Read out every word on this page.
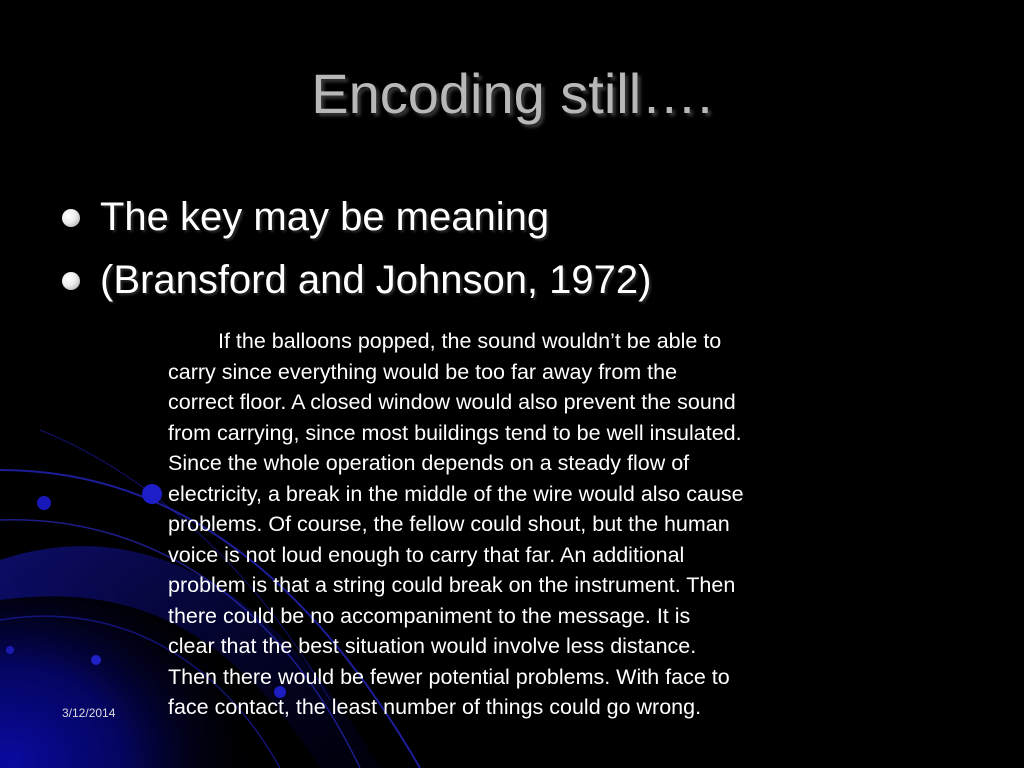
Encoding still….
The key may be meaning
(Bransford and Johnson, 1972)
If the balloons popped, the sound wouldn’t be able to
carry since everything would be too far away from the
correct floor. A closed window would also prevent the sound
from carrying, since most buildings tend to be well insulated.
Since the whole operation depends on a steady flow of
electricity, a break in the middle of the wire would also cause
problems. Of course, the fellow could shout, but the human
voice is not loud enough to carry that far. An additional
problem is that a string could break on the instrument. Then
there could be no accompaniment to the message. It is
clear that the best situation would involve less distance.
Then there would be fewer potential problems. With face to
face contact, the least number of things could go wrong.
3/12/2014
